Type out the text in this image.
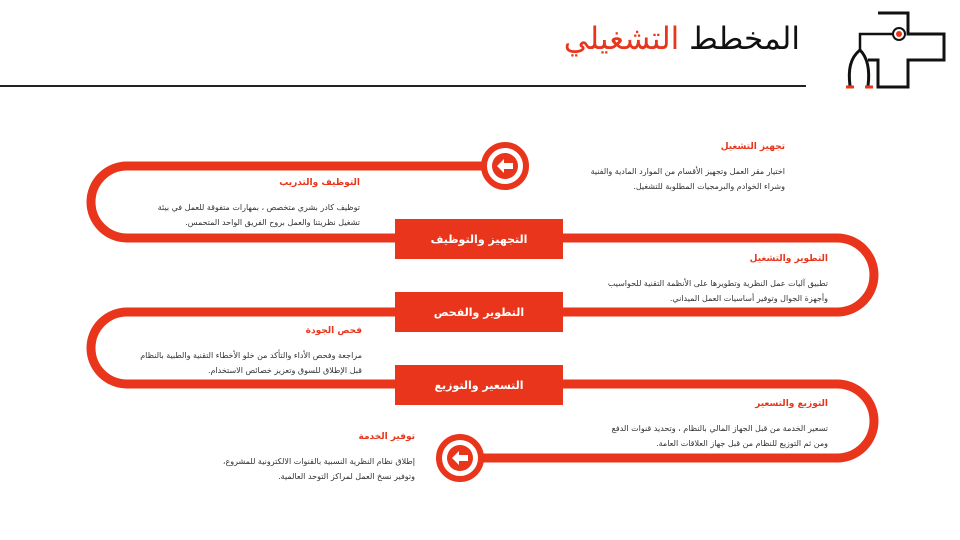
المخطط التشغيلي
التجهيز والتوظيف
التطوير والفحص
التسعير والتوزيع
تجهيز التشغيل
اختيار مقر العمل وتجهيز الأقسام من الموارد المادية والفنية وشراء الخوادم والبرمجيات المطلوبة للتشغيل.
التوظيف والتدريب
توظيف كادر بشري متخصص ، بمهارات متفوقة للعمل في بيئة تشغيل نظريتنا والعمل بروح الفريق الواحد المتحمس.
التطوير والتشغيل
تطبيق آليات عمل النظرية وتطويرها على الأنظمة التقنية للحواسيب وأجهزة الجوال وتوفير أساسيات العمل الميداني.
فحص الجودة
مراجعة وفحص الأداء والتأكد من خلو الأخطاء التقنية والطبية بالنظام قبل الإطلاق للسوق وتعزيز خصائص الاستخدام.
التوزيع والتسعير
تسعير الخدمة من قبل الجهاز المالي بالنظام ، وتحديد قنوات الدفع ومن ثم التوزيع للنظام من قبل جهاز العلاقات العامة.
توفير الخدمة
إطلاق نظام النظرية النسبية بالقنوات الالكترونية للمشروع، وتوفير نسخ العمل لمراكز التوحد العالمية.
